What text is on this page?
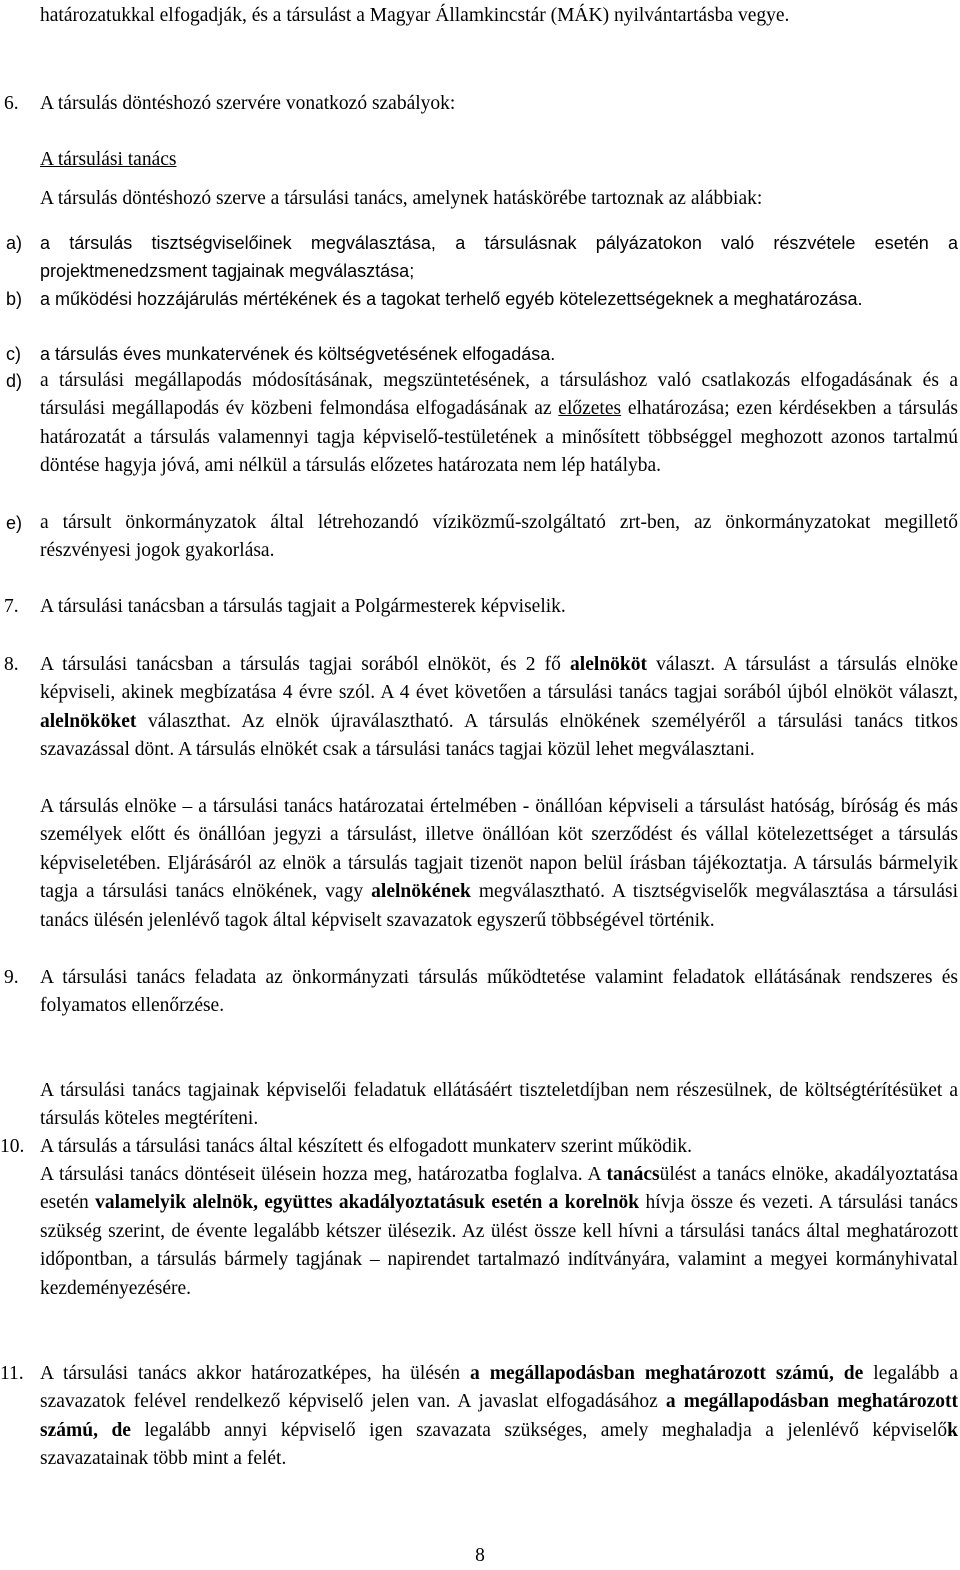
határozatukkal elfogadják, és a társulást a Magyar Államkincstár (MÁK) nyilvántartásba vegye.

6. A társulás döntéshozó szervére vonatkozó szabályok:
A társulási tanács
A társulás döntéshozó szerve a társulási tanács, amelynek hatáskörébe tartoznak az alábbiak:
a) a társulás tisztségviselőinek megválasztása, a társulásnak pályázatokon való részvétele esetén a projektmenedzsment tagjainak megválasztása;
b) a működési hozzájárulás mértékének és a tagokat terhelő egyéb kötelezettségeknek a meghatározása.
c) a társulás éves munkatervének és költségvetésének elfogadása.
d) a társulási megállapodás módosításának, megszüntetésének, a társuláshoz való csatlakozás elfogadásának és a társulási megállapodás év közbeni felmondása elfogadásának az előzetes elhatározása; ezen kérdésekben a társulás határozatát a társulás valamennyi tagja képviselő-testületének a minősített többséggel meghozott azonos tartalmú döntése hagyja jóvá, ami nélkül a társulás előzetes határozata nem lép hatályba.
e) a társult önkormányzatok által létrehozandó víziközmű-szolgáltató zrt-ben, az önkormányzatokat megillető részvényesi jogok gyakorlása.
7. A társulási tanácsban a társulás tagjait a Polgármesterek képviselik.
8. A társulási tanácsban a társulás tagjai sorából elnököt, és 2 fő alelnököt választ. A társulást a társulás elnöke képviseli, akinek megbízatása 4 évre szól. A 4 évet követően a társulási tanács tagjai sorából újból elnököt választ, alelnököket választhat. Az elnök újraválasztható. A társulás elnökének személyéről a társulási tanács titkos szavazással dönt. A társulás elnökét csak a társulási tanács tagjai közül lehet megválasztani.
A társulás elnöke – a társulási tanács határozatai értelmében - önállóan képviseli a társulást hatóság, bíróság és más személyek előtt és önállóan jegyzi a társulást, illetve önállóan köt szerződést és vállal kötelezettséget a társulás képviseletében. Eljárásáról az elnök a társulás tagjait tizenöt napon belül írásban tájékoztatja. A társulás bármelyik tagja a társulási tanács elnökének, vagy alelnökének megválasztható. A tisztségviselők megválasztása a társulási tanács ülésén jelenlévő tagok által képviselt szavazatok egyszerű többségével történik.
9. A társulási tanács feladata az önkormányzati társulás működtetése valamint feladatok ellátásának rendszeres és folyamatos ellenőrzése.
A társulási tanács tagjainak képviselői feladatuk ellátásáért tiszteletdíjban nem részesülnek, de költségtérítésüket a társulás köteles megtéríteni.
10. A társulás a társulási tanács által készített és elfogadott munkaterv szerint működik.
A társulási tanács döntéseit ülésein hozza meg, határozatba foglalva. A tanácsülést a tanács elnöke, akadályoztatása esetén valamelyik alelnök, együttes akadályoztatásuk esetén a korelnök hívja össze és vezeti. A társulási tanács szükség szerint, de évente legalább kétszer ülésezik. Az ülést össze kell hívni a társulási tanács által meghatározott időpontban, a társulás bármely tagjának – napirendet tartalmazó indítványára, valamint a megyei kormányhivatal kezdeményezésére.
11. A társulási tanács akkor határozatképes, ha ülésén a megállapodásban meghatározott számú, de legalább a szavazatok felével rendelkező képviselő jelen van. A javaslat elfogadásához a megállapodásban meghatározott számú, de legalább annyi képviselő igen szavazata szükséges, amely meghaladja a jelenlévő képviselők szavazatainak több mint a felét.
8
